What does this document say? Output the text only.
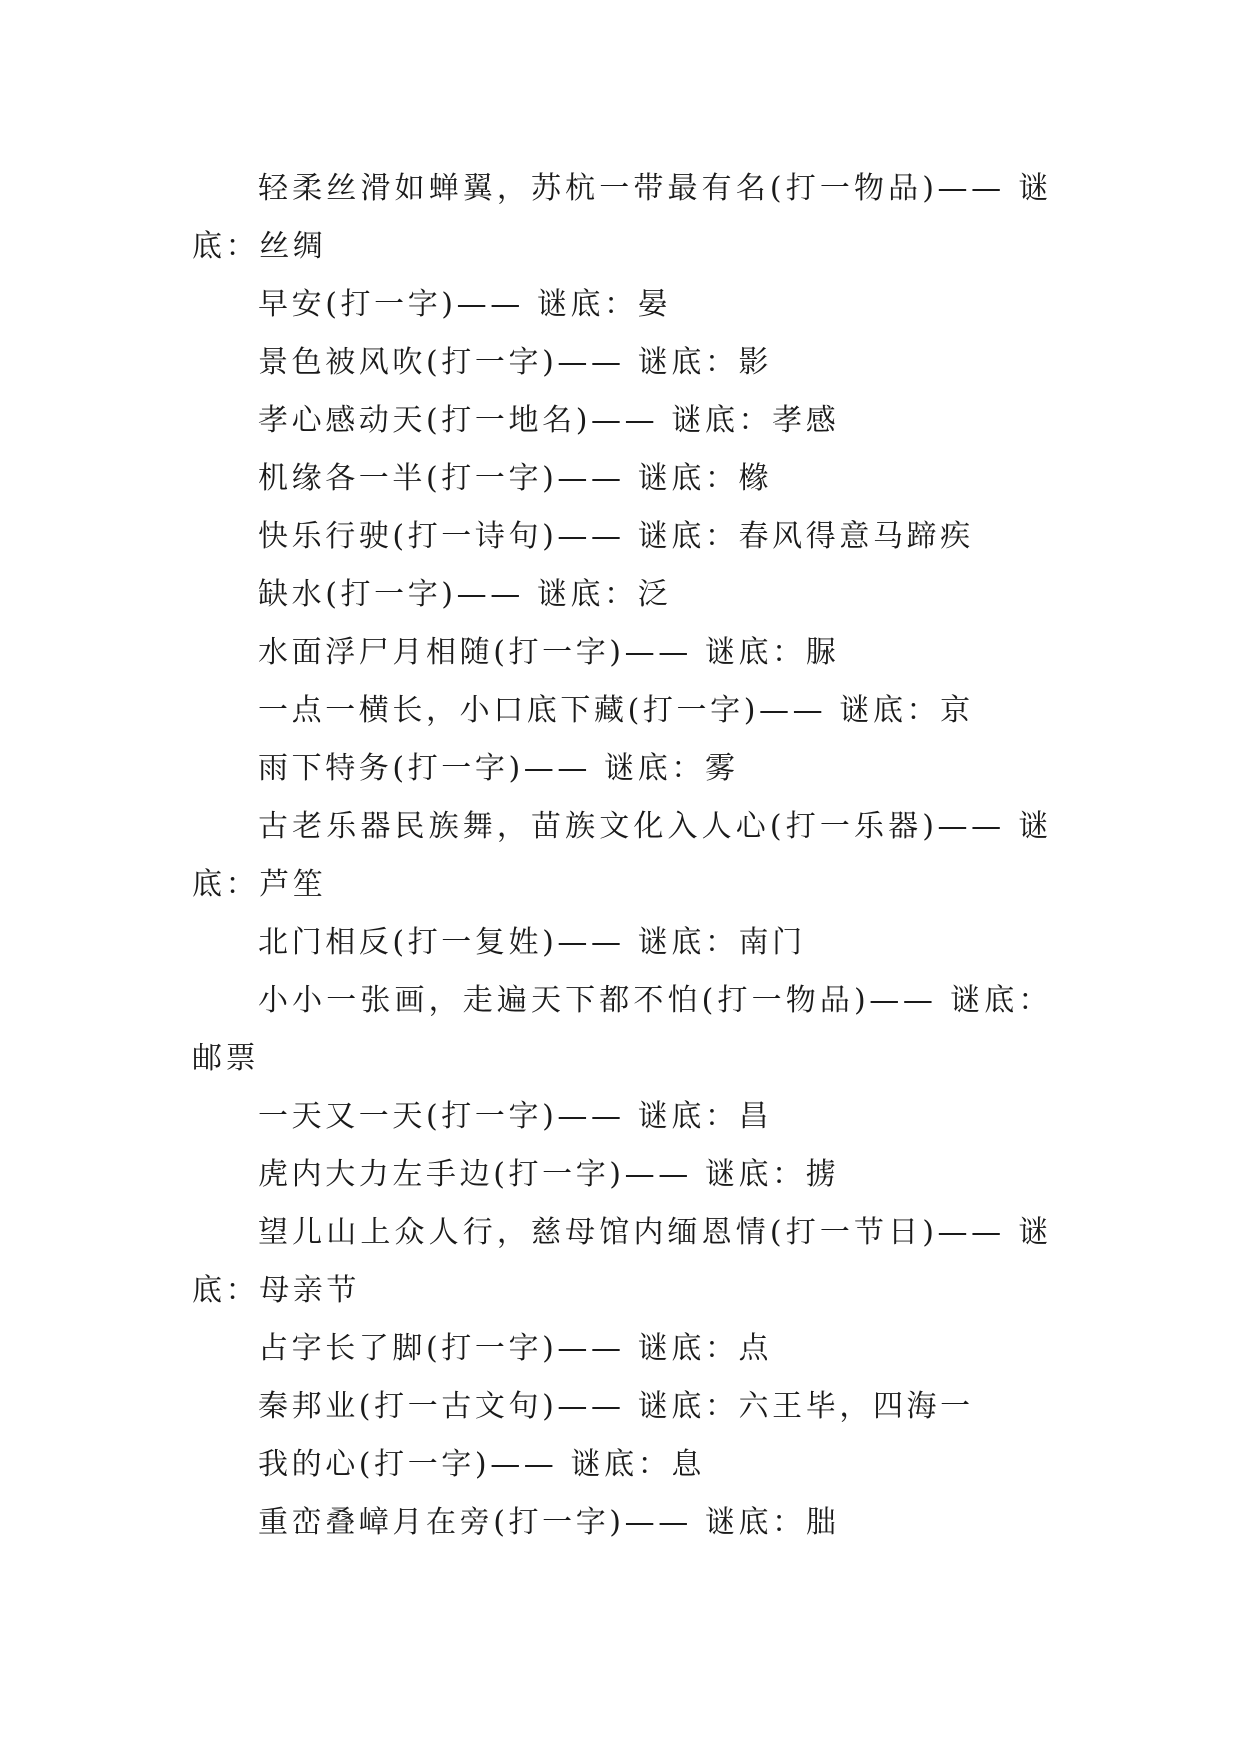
轻柔丝滑如蝉翼，苏杭一带最有名(打一物品)—— 谜底：丝绸

早安(打一字)—— 谜底：晏

景色被风吹(打一字)—— 谜底：影

孝心感动天(打一地名)—— 谜底：孝感

机缘各一半(打一字)—— 谜底：橼

快乐行驶(打一诗句)—— 谜底：春风得意马蹄疾

缺水(打一字)—— 谜底：泛

水面浮尸月相随(打一字)—— 谜底：脲

一点一横长，小口底下藏(打一字)—— 谜底：京

雨下特务(打一字)—— 谜底：雾

古老乐器民族舞，苗族文化入人心(打一乐器)—— 谜底：芦笙

北门相反(打一复姓)—— 谜底：南门

小小一张画，走遍天下都不怕(打一物品)—— 谜底：邮票

一天又一天(打一字)—— 谜底：昌

虎内大力左手边(打一字)—— 谜底：掳

望儿山上众人行，慈母馆内缅恩情(打一节日)—— 谜底：母亲节

占字长了脚(打一字)—— 谜底：点

秦邦业(打一古文句)—— 谜底：六王毕，四海一

我的心(打一字)—— 谜底：息

重峦叠嶂月在旁(打一字)—— 谜底：朏
